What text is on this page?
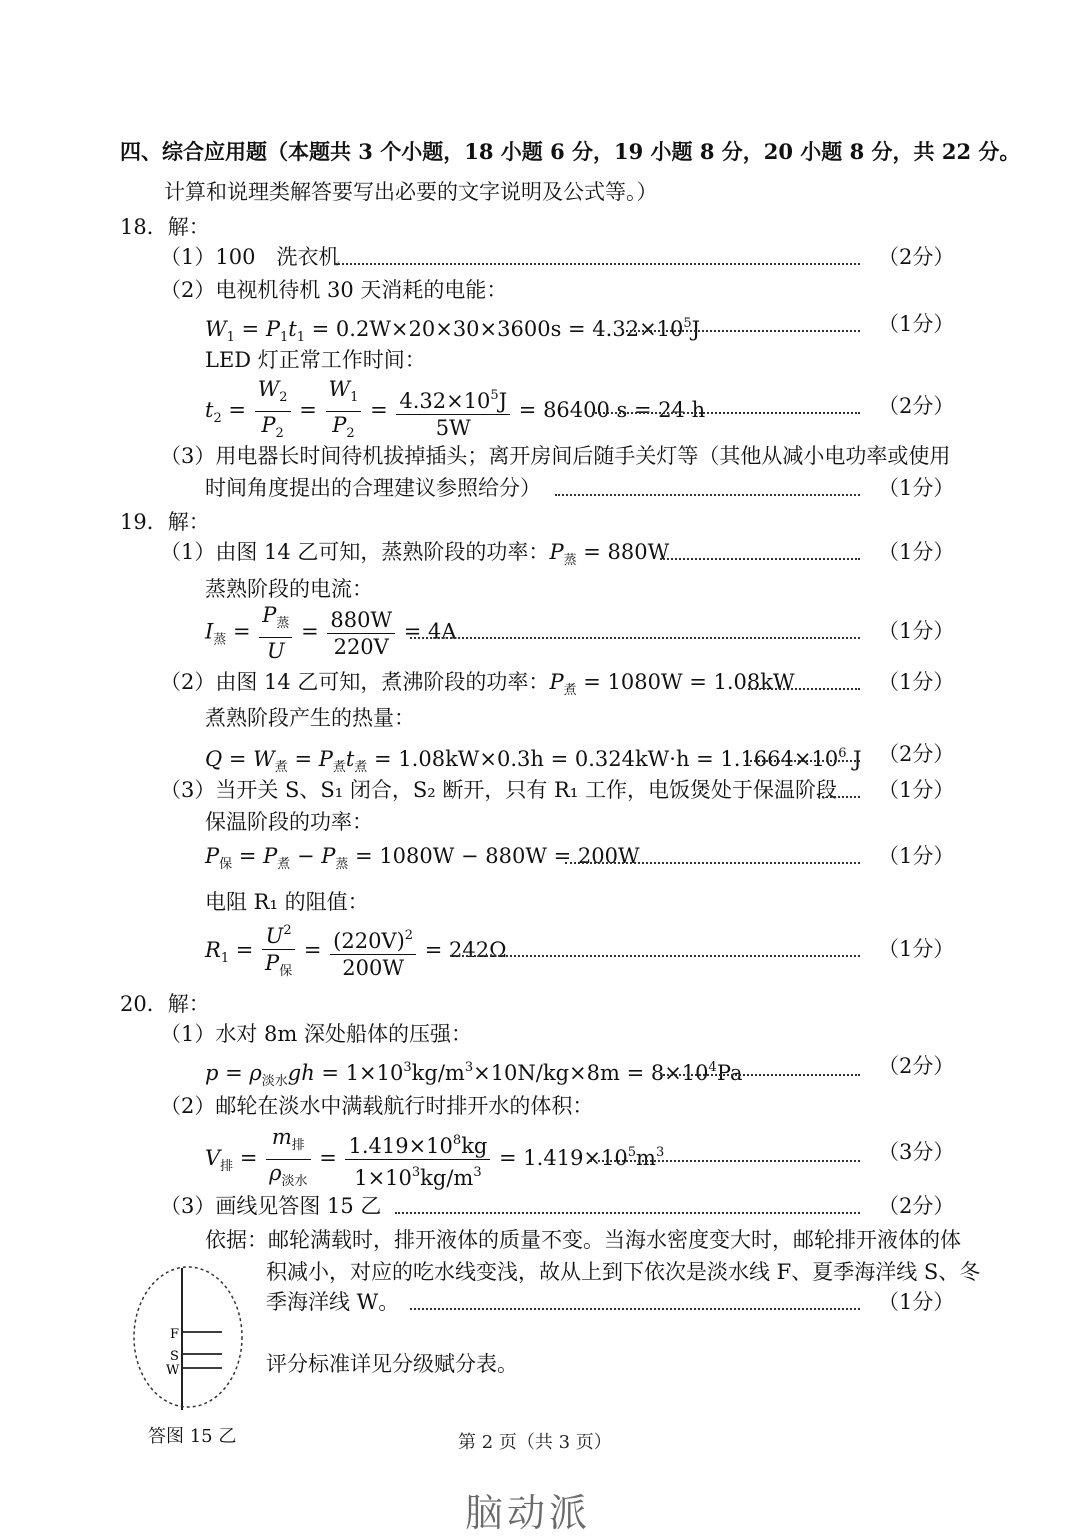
四、综合应用题（本题共 3 个小题，18 小题 6 分，19 小题 8 分，20 小题 8 分，共 22 分。
计算和说理类解答要写出必要的文字说明及公式等。）
18．解：
（1）100　洗衣机	（2分）
（2）电视机待机 30 天消耗的电能：
$W_1 = P_1t_1 = 0.2W\times 20\times 30\times 3600s = 4.32\times 10^5J$	（1分）
LED 灯正常工作时间：
$t_2 = \frac{W_2}{P_2} = \frac{W_1}{P_2} = \frac{4.32\times 10^5J}{5W} = 86400$ s = 24 h	（2分）
（3）用电器长时间待机拔掉插头；离开房间后随手关灯等（其他从减小电功率或使用
时间角度提出的合理建议参照给分）	（1分）
19．解：
（1）由图 14 乙可知，蒸熟阶段的功率：$P_蒸 = 880W$	（1分）
蒸熟阶段的电流：
$I_蒸 = \frac{P_蒸}{U} = \frac{880W}{220V} = 4A$	（1分）
（2）由图 14 乙可知，煮沸阶段的功率：$P_煮 = 1080W = 1.08kW$	（1分）
煮熟阶段产生的热量：
$Q = W_煮 = P_煮t_煮 = 1.08kW\times 0.3h = 0.324kW\cdot h = 1.1664\times 10^6$ J （2分）
（3）当开关 S、S₁ 闭合，S₂ 断开，只有 R₁ 工作，电饭煲处于保温阶段 （1分）
保温阶段的功率：
$P_保 = P_煮 - P_蒸 = 1080W - 880W = 200W$	（1分）
电阻 R₁ 的阻值：
$R_1 = \frac{U^2}{P_保} = \frac{(220V)^2}{200W} = 242\Omega$	（1分）
20．解：
（1）水对 8m 深处船体的压强：
$p = \rho_{淡水}gh = 1\times 10^3kg/m^3\times 10N/kg\times 8m = 8\times 10^4Pa$	（2分）
（2）邮轮在淡水中满载航行时排开水的体积：
$V_排 = \frac{m_排}{\rho_{淡水}} = \frac{1.419\times 10^8kg}{1\times 10^3kg/m^3} = 1.419\times 10^5m^3$	（3分）
（3）画线见答图 15 乙	（2分）
依据：邮轮满载时，排开液体的质量不变。当海水密度变大时，邮轮排开液体的体
积减小，对应的吃水线变浅，故从上到下依次是淡水线 F、夏季海洋线 S、冬
季海洋线 W。	（1分）
评分标准详见分级赋分表。
F
S
W
答图 15 乙	第 2 页（共 3 页）
脑动派
